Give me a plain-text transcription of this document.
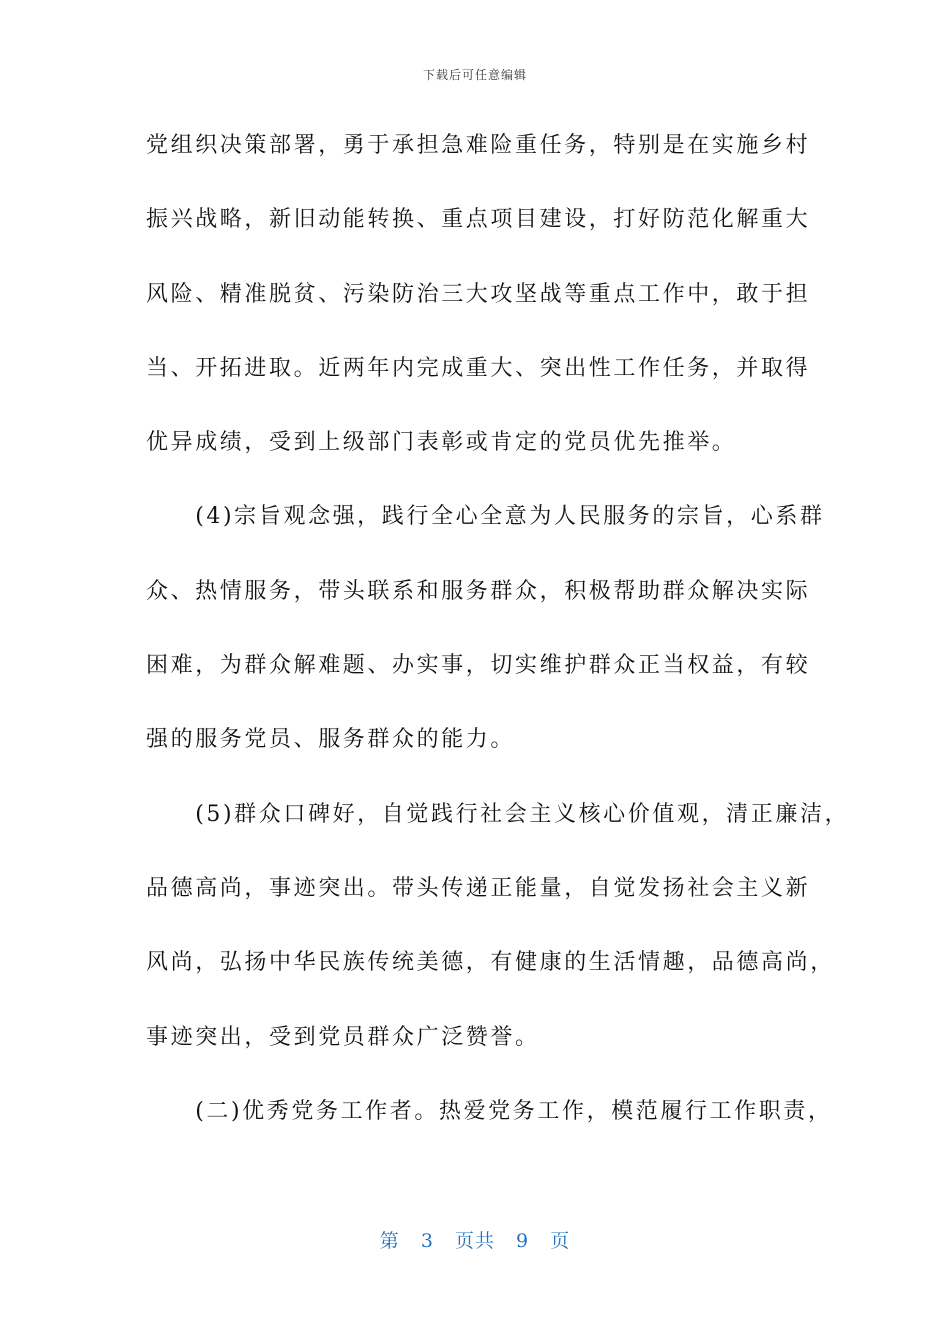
下载后可任意编辑
党组织决策部署，勇于承担急难险重任务，特别是在实施乡村
振兴战略，新旧动能转换、重点项目建设，打好防范化解重大
风险、精准脱贫、污染防治三大攻坚战等重点工作中，敢于担
当、开拓进取。近两年内完成重大、突出性工作任务，并取得
优异成绩，受到上级部门表彰或肯定的党员优先推举。
　　(4)宗旨观念强，践行全心全意为人民服务的宗旨，心系群
众、热情服务，带头联系和服务群众，积极帮助群众解决实际
困难，为群众解难题、办实事，切实维护群众正当权益，有较
强的服务党员、服务群众的能力。
　　(5)群众口碑好，自觉践行社会主义核心价值观，清正廉洁，
品德高尚，事迹突出。带头传递正能量，自觉发扬社会主义新
风尚，弘扬中华民族传统美德，有健康的生活情趣，品德高尚，
事迹突出，受到党员群众广泛赞誉。
　　(二)优秀党务工作者。热爱党务工作，模范履行工作职责，
第 3 页共 9 页
